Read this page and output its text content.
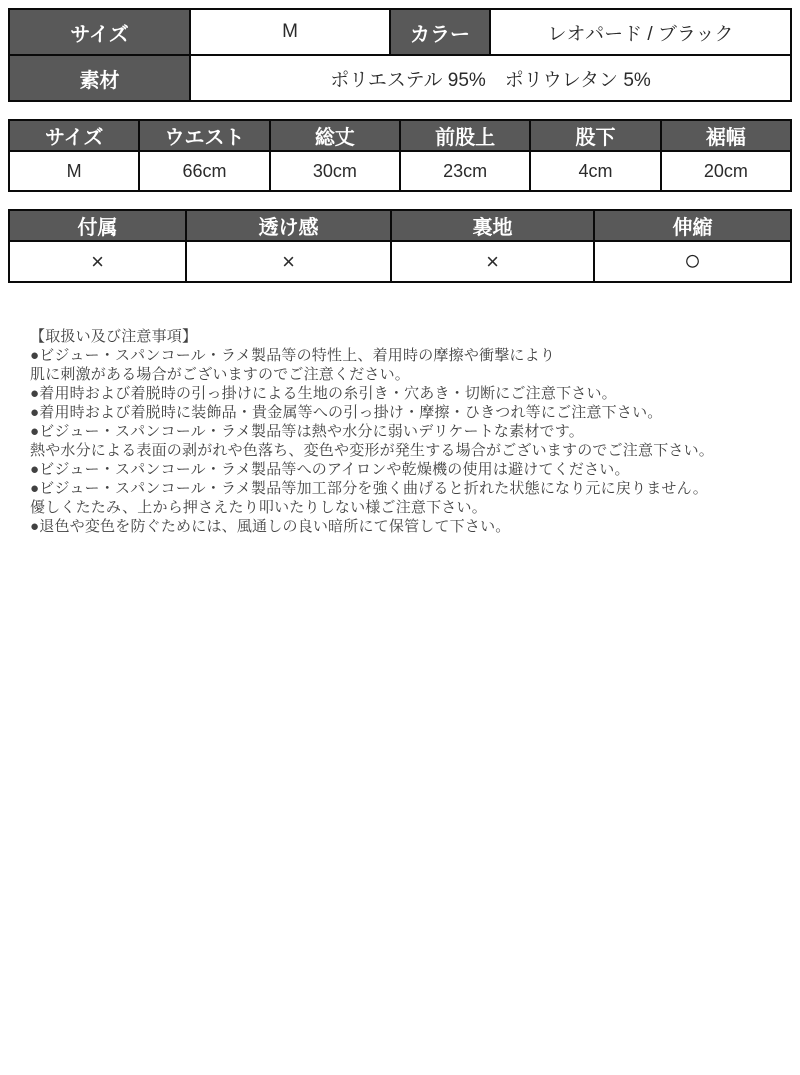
サイズ	M	カラー	レオパード / ブラック
素材	ポリエステル 95%　ポリウレタン 5%		
サイズ	ウエスト	総丈	前股上	股下	裾幅
M	66cm	30cm	23cm	4cm	20cm
付属	透け感	裏地	伸縮
×	×	×	○
【取扱い及び注意事項】
●ビジュー・スパンコール・ラメ製品等の特性上、着用時の摩擦や衝撃により
肌に刺激がある場合がございますのでご注意ください。
●着用時および着脱時の引っ掛けによる生地の糸引き・穴あき・切断にご注意下さい。
●着用時および着脱時に装飾品・貴金属等への引っ掛け・摩擦・ひきつれ等にご注意下さい。
●ビジュー・スパンコール・ラメ製品等は熱や水分に弱いデリケートな素材です。
熱や水分による表面の剥がれや色落ち、変色や変形が発生する場合がございますのでご注意下さい。
●ビジュー・スパンコール・ラメ製品等へのアイロンや乾燥機の使用は避けてください。
●ビジュー・スパンコール・ラメ製品等加工部分を強く曲げると折れた状態になり元に戻りません。
優しくたたみ、上から押さえたり叩いたりしない様ご注意下さい。
●退色や変色を防ぐためには、風通しの良い暗所にて保管して下さい。
